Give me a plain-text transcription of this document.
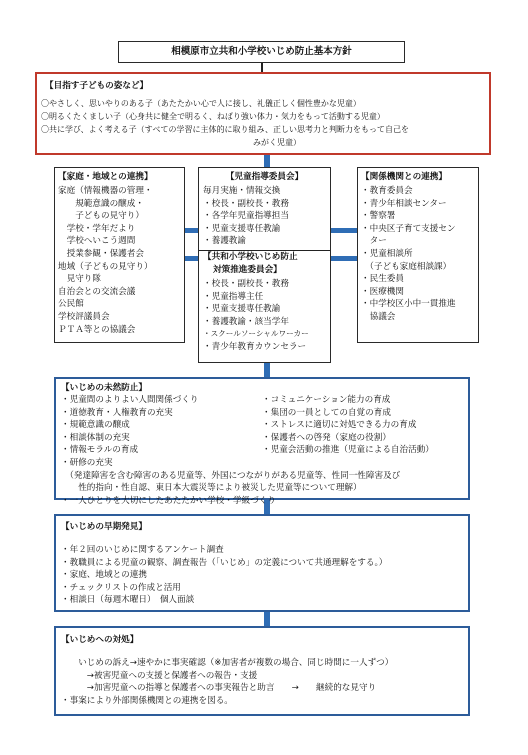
相模原市立共和小学校いじめ防止基本方針
【目指す子どもの姿など】
〇やさしく、思いやりのある子（あたたかい心で人に接し、礼儀正しく個性豊かな児童）
〇明るくたくましい子（心身共に健全で明るく、ねばり強い体力・気力をもって活動する児童）
〇共に学び、よく考える子（すべての学習に主体的に取り組み、正しい思考力と判断力をもって自己を
みがく児童）
【家庭・地域との連携】
家庭（情報機器の管理・
　　規範意識の醸成・
　　子どもの見守り）
　学校・学年だより
　学校へいこう週間
　授業参観・保護者会
地域（子どもの見守り）
　見守り隊
自治会との交流会議
公民館
学校評議員会
ＰＴＡ等との協議会
【児童指導委員会】
毎月実施・情報交換
・校長・副校長・教務
・各学年児童指導担当
・児童支援専任教諭
・養護教諭
【共和小学校いじめ防止
対策推進委員会】
・校長・副校長・教務
・児童指導主任
・児童支援専任教諭
・養護教諭・該当学年
・スクールソーシャルワーカー
・青少年教育カウンセラー
【関係機関との連携】
・教育委員会
・青少年相談センター
・警察署
・中央区子育て支援セン
　ター
・児童相談所
　（子ども家庭相談課）
・民生委員
・医療機関
・中学校区小中一貫推進
　協議会
【いじめの未然防止】
・児童間のよりよい人間関係づくり
・道徳教育・人権教育の充実
・規範意識の醸成
・相談体制の充実
・情報モラルの育成
・コミュニケーション能力の育成
・集団の一員としての自覚の育成
・ストレスに適切に対処できる力の育成
・保護者への啓発（家庭の役割）
・児童会活動の推進（児童による自治活動）
・研修の充実
　（発達障害を含む障害のある児童等、外国につながりがある児童等、性同一性障害及び
　　性的指向・性自認、東日本大震災等により被災した児童等について理解）
・一人ひとりを大切にしたあたたかい学校・学級づくり
【いじめの早期発見】
・年２回のいじめに関するアンケート調査
・教職員による児童の観察、調査報告（「いじめ」の定義について共通理解をする。）
・家庭、地域との連携
・チェックリストの作成と活用
・相談日（毎週木曜日）　個人面談
【いじめへの対処】
　　いじめの訴え→速やかに事実確認（※加害者が複数の場合、同じ時間に一人ずつ）
　　　→被害児童への支援と保護者への報告・支援
　　　→加害児童への指導と保護者への事実報告と助言　　→　　継続的な見守り
・事案により外部関係機関との連携を図る。
